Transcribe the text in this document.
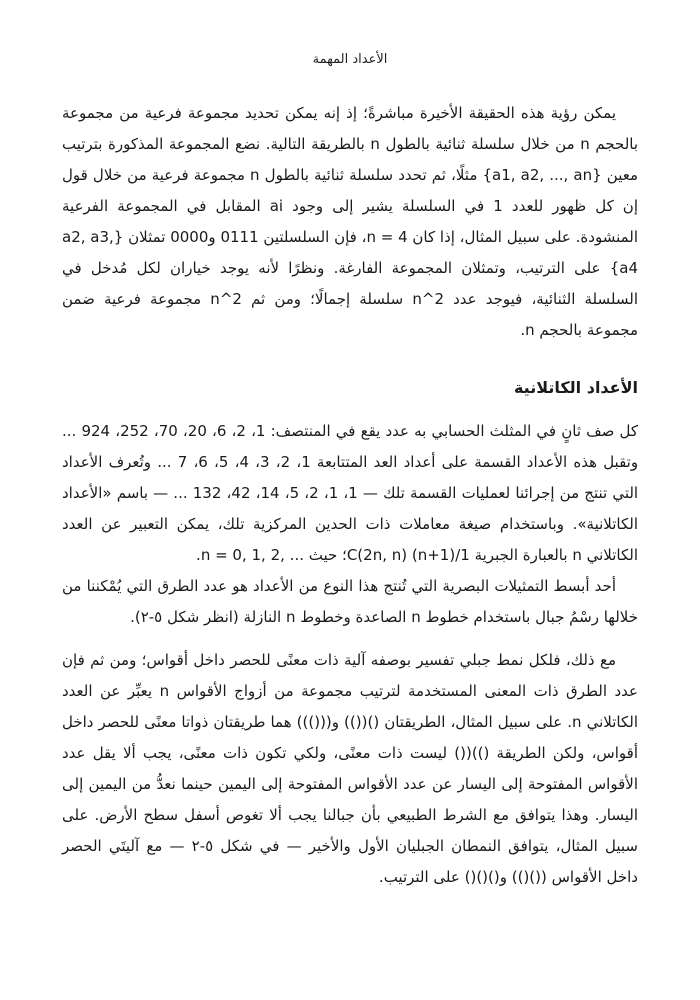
الأعداد المهمة

يمكن رؤية هذه الحقيقة الأخيرة مباشرةً؛ إذ إنه يمكن تحديد مجموعة فرعية من مجموعة بالحجم n من خلال سلسلة ثنائية بالطول n بالطريقة التالية. نضع المجموعة المذكورة بترتيب معين {a1, a2, ..., an} مثلًا، ثم تحدد سلسلة ثنائية بالطول n مجموعة فرعية من خلال قول إن كل ظهور للعدد 1 في السلسلة يشير إلى وجود ai المقابل في المجموعة الفرعية المنشودة. على سبيل المثال، إذا كان n = 4، فإن السلسلتين 0111 و0000 تمثلان {a2, a3, a4} على الترتيب، وتمثلان المجموعة الفارغة. ونظرًا لأنه يوجد خياران لكل مُدخل في السلسلة الثنائية، فيوجد عدد 2^n سلسلة إجمالًا؛ ومن ثم 2^n مجموعة فرعية ضمن مجموعة بالحجم n.

الأعداد الكاتلانية

كل صف ثانٍ في المثلث الحسابي به عدد يقع في المنتصف: 1، 2، 6، 20، 70، 252، 924 ... وتقبل هذه الأعداد القسمة على أعداد العد المتتابعة 1، 2، 3، 4، 5، 6، 7 ... وتُعرف الأعداد التي تنتج من إجرائنا لعمليات القسمة تلك — 1، 1، 2، 5، 14، 42، 132 ... — باسم «الأعداد الكاتلانية». وباستخدام صيغة معاملات ذات الحدين المركزية تلك، يمكن التعبير عن العدد الكاتلاني n بالعبارة الجبرية 1/(n+1) C(2n, n)؛ حيث ... ,n = 0, 1, 2.

أحد أبسط التمثيلات البصرية التي تُنتج هذا النوع من الأعداد هو عدد الطرق التي يُمْكننا من خلالها رسْمُ جبال باستخدام خطوط n الصاعدة وخطوط n النازلة (انظر شكل ٥-٢).

مع ذلك، فلكل نمط جبلي تفسير بوصفه آلية ذات معنًى للحصر داخل أقواس؛ ومن ثم فإن عدد الطرق ذات المعنى المستخدمة لترتيب مجموعة من أزواج الأقواس n يعبِّر عن العدد الكاتلاني n. على سبيل المثال، الطريقتان ()(()) و((())) هما طريقتان ذواتا معنًى للحصر داخل أقواس، ولكن الطريقة ())(() ليست ذات معنًى، ولكي تكون ذات معنًى، يجب ألا يقل عدد الأقواس المفتوحة إلى اليسار عن عدد الأقواس المفتوحة إلى اليمين حينما نعدُّ من اليمين إلى اليسار. وهذا يتوافق مع الشرط الطبيعي بأن جبالنا يجب ألا تغوص أسفل سطح الأرض. على سبيل المثال، يتوافق النمطان الجبليان الأول والأخير — في شكل ٥-٢ — مع آليتَي الحصر داخل الأقواس (()()) و()()() على الترتيب.
